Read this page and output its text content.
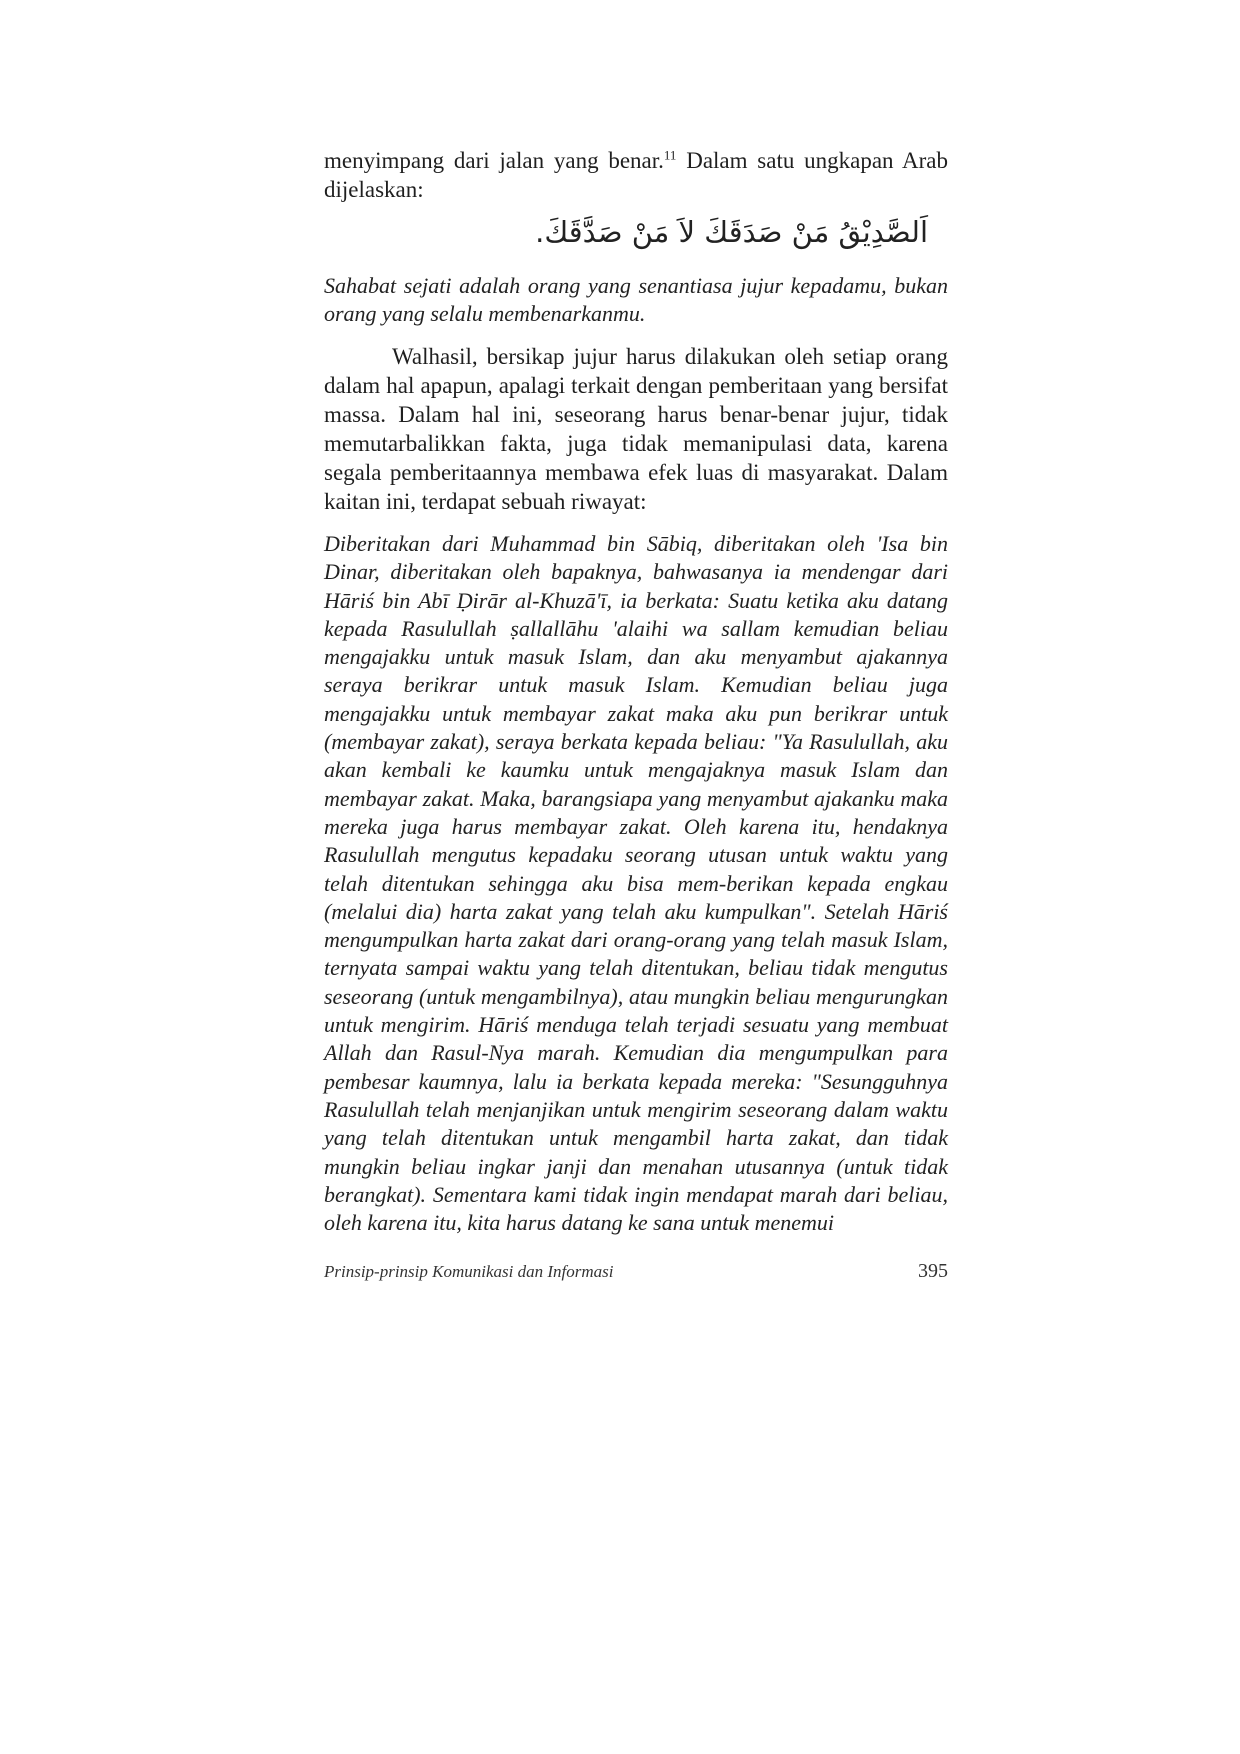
menyimpang dari jalan yang benar.$^{11}$ Dalam satu ungkapan Arab dijelaskan:

اَلصَّدِيْقُ مَنْ صَدَقَكَ لاَ مَنْ صَدَّقَكَ.

Sahabat sejati adalah orang yang senantiasa jujur kepadamu, bukan orang yang selalu membenarkanmu.

Walhasil, bersikap jujur harus dilakukan oleh setiap orang dalam hal apapun, apalagi terkait dengan pemberitaan yang bersifat massa. Dalam hal ini, seseorang harus benar-benar jujur, tidak memutarbalikkan fakta, juga tidak memanipulasi data, karena segala pemberitaannya membawa efek luas di masyarakat. Dalam kaitan ini, terdapat sebuah riwayat:

Diberitakan dari Muhammad bin Sābiq, diberitakan oleh 'Isa bin Dinar, diberitakan oleh bapaknya, bahwasanya ia mendengar dari Hāriś bin Abī Ḍirār al-Khuzā'ī, ia berkata: Suatu ketika aku datang kepada Rasulullah ṣallallāhu 'alaihi wa sallam kemudian beliau mengajakku untuk masuk Islam, dan aku menyambut ajakannya seraya berikrar untuk masuk Islam. Kemudian beliau juga mengajakku untuk membayar zakat maka aku pun berikrar untuk (membayar zakat), seraya berkata kepada beliau: "Ya Rasulullah, aku akan kembali ke kaumku untuk mengajaknya masuk Islam dan membayar zakat. Maka, barangsiapa yang menyambut ajakanku maka mereka juga harus membayar zakat. Oleh karena itu, hendaknya Rasulullah mengutus kepadaku seorang utusan untuk waktu yang telah ditentukan sehingga aku bisa mem-berikan kepada engkau (melalui dia) harta zakat yang telah aku kumpulkan". Setelah Hāriś mengumpulkan harta zakat dari orang-orang yang telah masuk Islam, ternyata sampai waktu yang telah ditentukan, beliau tidak mengutus seseorang (untuk mengambilnya), atau mungkin beliau mengurungkan untuk mengirim. Hāriś menduga telah terjadi sesuatu yang membuat Allah dan Rasul-Nya marah. Kemudian dia mengumpulkan para pembesar kaumnya, lalu ia berkata kepada mereka: "Sesungguhnya Rasulullah telah menjanjikan untuk mengirim seseorang dalam waktu yang telah ditentukan untuk mengambil harta zakat, dan tidak mungkin beliau ingkar janji dan menahan utusannya (untuk tidak berangkat). Sementara kami tidak ingin mendapat marah dari beliau, oleh karena itu, kita harus datang ke sana untuk menemui

Prinsip-prinsip Komunikasi dan Informasi	395
